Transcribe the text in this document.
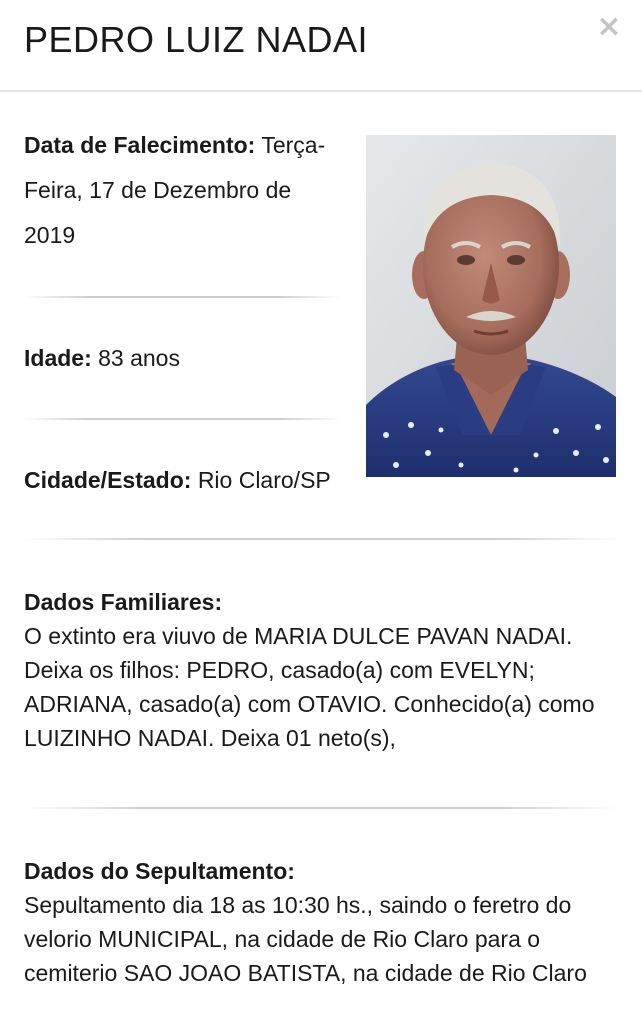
PEDRO LUIZ NADAI	×
Data de Falecimento: Terça-Feira, 17 de Dezembro de 2019
Idade: 83 anos
Cidade/Estado: Rio Claro/SP
Dados Familiares:
O extinto era viuvo de MARIA DULCE PAVAN NADAI. Deixa os filhos: PEDRO, casado(a) com EVELYN; ADRIANA, casado(a) com OTAVIO. Conhecido(a) como LUIZINHO NADAI. Deixa 01 neto(s),
Dados do Sepultamento:
Sepultamento dia 18 as 10:30 hs., saindo o feretro do velorio MUNICIPAL, na cidade de Rio Claro para o cemiterio SAO JOAO BATISTA, na cidade de Rio Claro
